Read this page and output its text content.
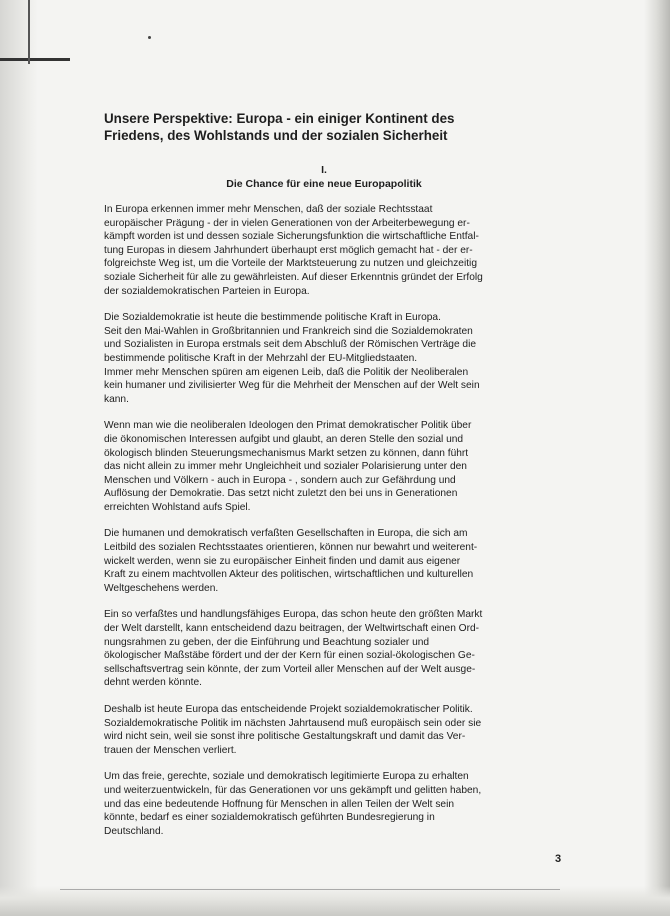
Unsere Perspektive: Europa - ein einiger Kontinent des
Friedens, des Wohlstands und der sozialen Sicherheit
I.
Die Chance für eine neue Europapolitik
In Europa erkennen immer mehr Menschen, daß der soziale Rechtsstaat
europäischer Prägung - der in vielen Generationen von der Arbeiterbewegung er-
kämpft worden ist und dessen soziale Sicherungsfunktion die wirtschaftliche Entfal-
tung Europas in diesem Jahrhundert überhaupt erst möglich gemacht hat - der er-
folgreichste Weg ist, um die Vorteile der Marktsteuerung zu nutzen und gleichzeitig
soziale Sicherheit für alle zu gewährleisten. Auf dieser Erkenntnis gründet der Erfolg
der sozialdemokratischen Parteien in Europa.
Die Sozialdemokratie ist heute die bestimmende politische Kraft in Europa.
Seit den Mai-Wahlen in Großbritannien und Frankreich sind die Sozialdemokraten
und Sozialisten in Europa erstmals seit dem Abschluß der Römischen Verträge die
bestimmende politische Kraft in der Mehrzahl der EU-Mitgliedstaaten.
Immer mehr Menschen spüren am eigenen Leib, daß die Politik der Neoliberalen
kein humaner und zivilisierter Weg für die Mehrheit der Menschen auf der Welt sein
kann.
Wenn man wie die neoliberalen Ideologen den Primat demokratischer Politik über
die ökonomischen Interessen aufgibt und glaubt, an deren Stelle den sozial und
ökologisch blinden Steuerungsmechanismus Markt setzen zu können, dann führt
das nicht allein zu immer mehr Ungleichheit und sozialer Polarisierung unter den
Menschen und Völkern - auch in Europa - , sondern auch zur Gefährdung und
Auflösung der Demokratie. Das setzt nicht zuletzt den bei uns in Generationen
erreichten Wohlstand aufs Spiel.
Die humanen und demokratisch verfaßten Gesellschaften in Europa, die sich am
Leitbild des sozialen Rechtsstaates orientieren, können nur bewahrt und weiterent-
wickelt werden, wenn sie zu europäischer Einheit finden und damit aus eigener
Kraft zu einem machtvollen Akteur des politischen, wirtschaftlichen und kulturellen
Weltgeschehens werden.
Ein so verfaßtes und handlungsfähiges Europa, das schon heute den größten Markt
der Welt darstellt, kann entscheidend dazu beitragen, der Weltwirtschaft einen Ord-
nungsrahmen zu geben, der die Einführung und Beachtung sozialer und
ökologischer Maßstäbe fördert und der der Kern für einen sozial-ökologischen Ge-
sellschaftsvertrag sein könnte, der zum Vorteil aller Menschen auf der Welt ausge-
dehnt werden könnte.
Deshalb ist heute Europa das entscheidende Projekt sozialdemokratischer Politik.
Sozialdemokratische Politik im nächsten Jahrtausend muß europäisch sein oder sie
wird nicht sein, weil sie sonst ihre politische Gestaltungskraft und damit das Ver-
trauen der Menschen verliert.
Um das freie, gerechte, soziale und demokratisch legitimierte Europa zu erhalten
und weiterzuentwickeln, für das Generationen vor uns gekämpft und gelitten haben,
und das eine bedeutende Hoffnung für Menschen in allen Teilen der Welt sein
könnte, bedarf es einer sozialdemokratisch geführten Bundesregierung in
Deutschland.
3
